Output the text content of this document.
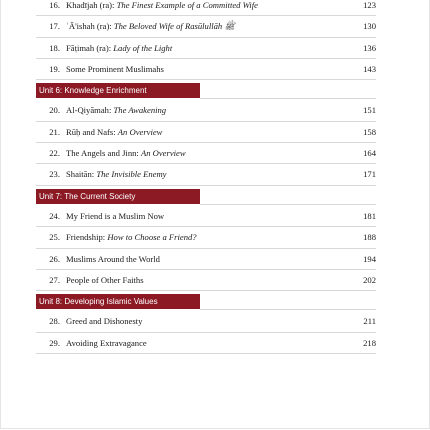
16. Khadījah (ra): The Finest Example of a Committed Wife	123
17. ʿĀ'ishah (ra): The Beloved Wife of Rasūlullāh ﷺ	130
18. Fāṭimah (ra): Lady of the Light	136
19. Some Prominent Muslimahs	143
Unit 6: Knowledge Enrichment
20. Al-Qiyāmah: The Awakening	151
21. Rūḥ and Nafs: An Overview	158
22. The Angels and Jinn: An Overview	164
23. Shaitān: The Invisible Enemy	171
Unit 7: The Current Society
24. My Friend is a Muslim Now	181
25. Friendship: How to Choose a Friend?	188
26. Muslims Around the World	194
27. People of Other Faiths	202
Unit 8: Developing Islamic Values
28. Greed and Dishonesty	211
29. Avoiding Extravagance	218
